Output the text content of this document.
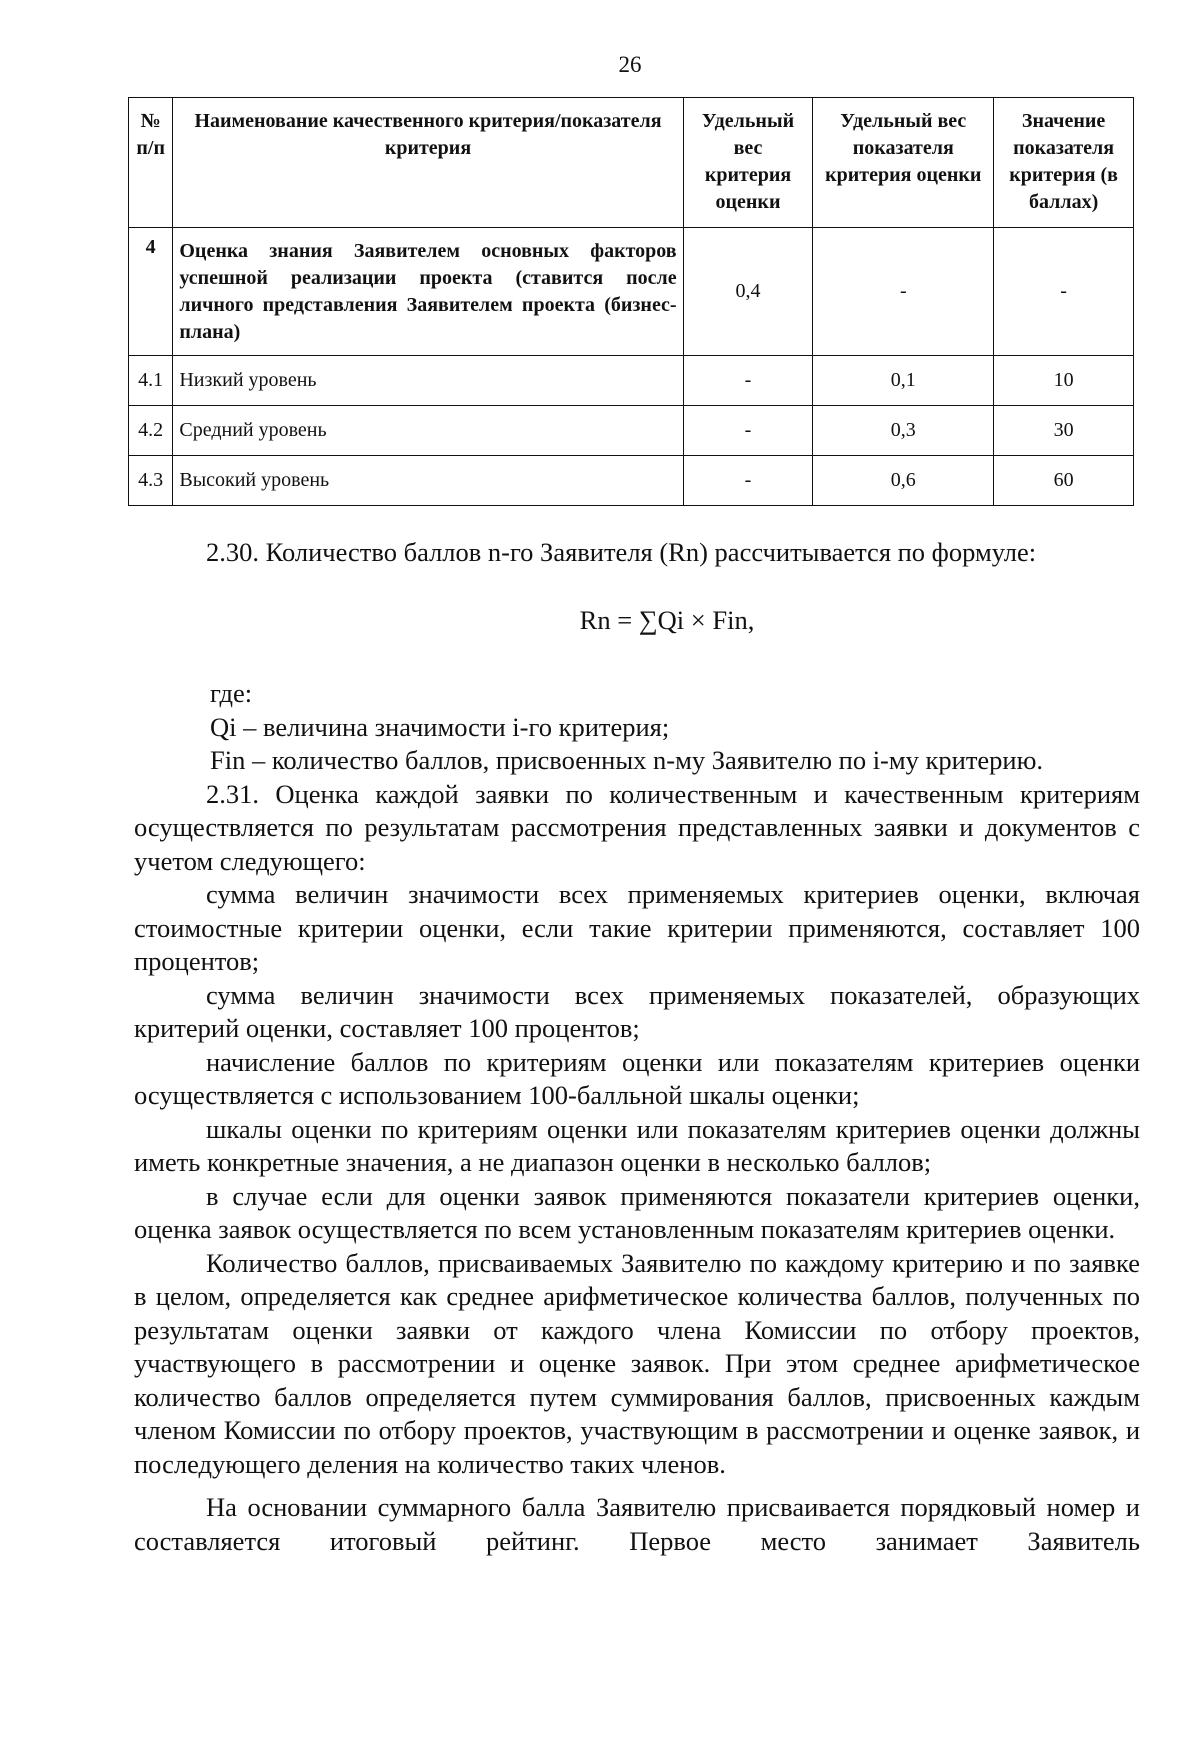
26
№ п/п	Наименование качественного критерия/показателя критерия	Удельный вес критерия оценки	Удельный вес показателя критерия оценки	Значение показателя критерия (в баллах)
4	Оценка знания Заявителем основных факторов успешной реализации проекта (ставится после личного представления Заявителем проекта (бизнес-плана)	0,4	-	-
4.1	Низкий уровень	-	0,1	10
4.2	Средний уровень	-	0,3	30
4.3	Высокий уровень	-	0,6	60

2.30. Количество баллов n-го Заявителя (Rn) рассчитывается по формуле:

Rn = ∑Qi × Fin,

где:

Qi – величина значимости i-го критерия;

Fin – количество баллов, присвоенных n-му Заявителю по i-му критерию.

2.31. Оценка каждой заявки по количественным и качественным критериям осуществляется по результатам рассмотрения представленных заявки и документов с учетом следующего:

сумма величин значимости всех применяемых критериев оценки, включая стоимостные критерии оценки, если такие критерии применяются, составляет 100 процентов;

сумма величин значимости всех применяемых показателей, образующих критерий оценки, составляет 100 процентов;

начисление баллов по критериям оценки или показателям критериев оценки осуществляется с использованием 100-балльной шкалы оценки;

шкалы оценки по критериям оценки или показателям критериев оценки должны иметь конкретные значения, а не диапазон оценки в несколько баллов;

в случае если для оценки заявок применяются показатели критериев оценки, оценка заявок осуществляется по всем установленным показателям критериев оценки.

Количество баллов, присваиваемых Заявителю по каждому критерию и по заявке в целом, определяется как среднее арифметическое количества баллов, полученных по результатам оценки заявки от каждого члена Комиссии по отбору проектов, участвующего в рассмотрении и оценке заявок. При этом среднее арифметическое количество баллов определяется путем суммирования баллов, присвоенных каждым членом Комиссии по отбору проектов, участвующим в рассмотрении и оценке заявок, и последующего деления на количество таких членов.

На основании суммарного балла Заявителю присваивается порядковый номер и составляется итоговый рейтинг. Первое место занимает Заявитель
